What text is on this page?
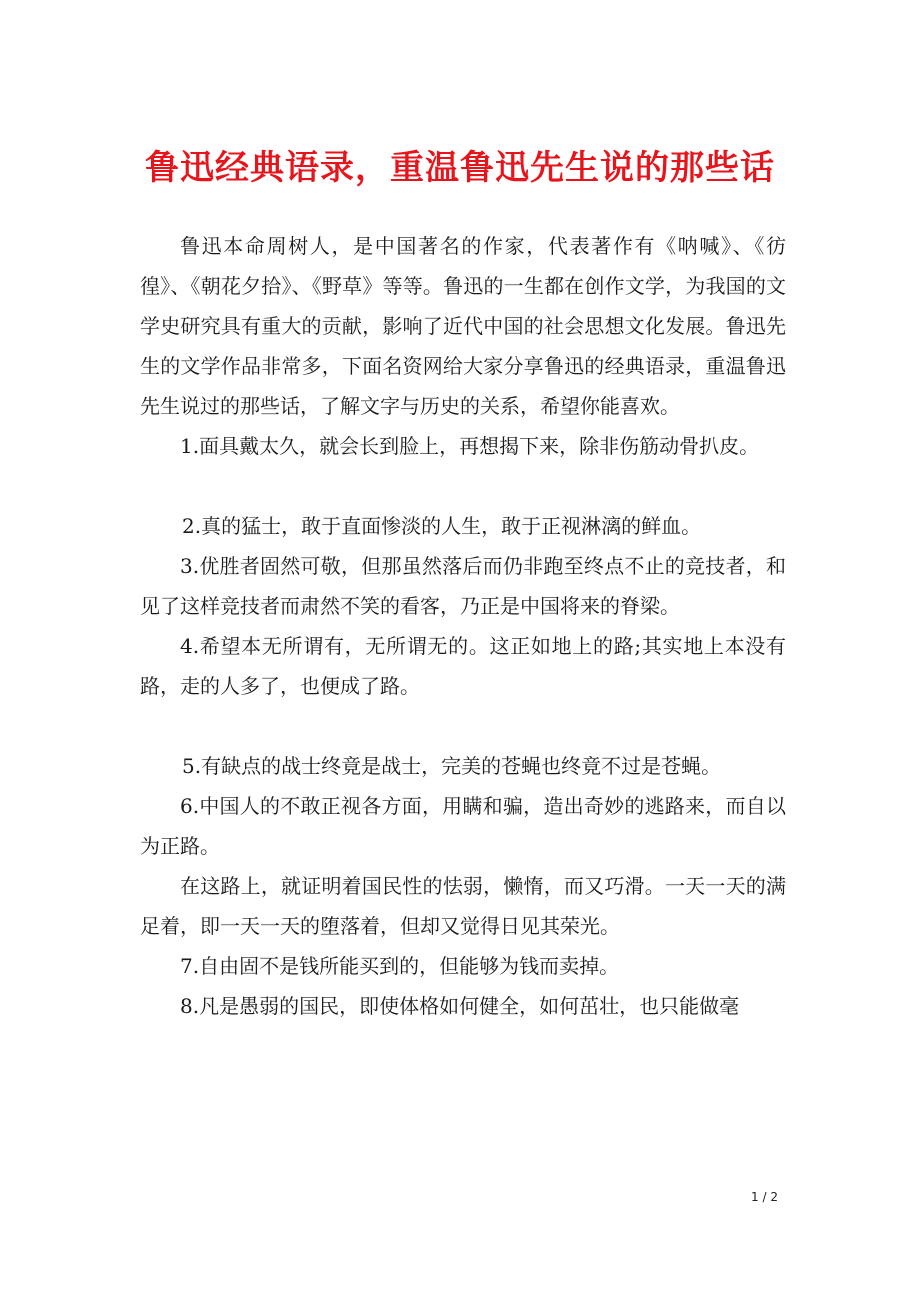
鲁迅经典语录，重温鲁迅先生说的那些话

鲁迅本命周树人，是中国著名的作家，代表著作有《呐喊》、《彷徨》、《朝花夕拾》、《野草》等等。鲁迅的一生都在创作文学，为我国的文学史研究具有重大的贡献，影响了近代中国的社会思想文化发展。鲁迅先生的文学作品非常多，下面名资网给大家分享鲁迅的经典语录，重温鲁迅先生说过的那些话，了解文字与历史的关系，希望你能喜欢。

1.面具戴太久，就会长到脸上，再想揭下来，除非伤筋动骨扒皮。

2.真的猛士，敢于直面惨淡的人生，敢于正视淋漓的鲜血。

3.优胜者固然可敬，但那虽然落后而仍非跑至终点不止的竞技者，和见了这样竞技者而肃然不笑的看客，乃正是中国将来的脊梁。

4.希望本无所谓有，无所谓无的。这正如地上的路;其实地上本没有路，走的人多了，也便成了路。

5.有缺点的战士终竟是战士，完美的苍蝇也终竟不过是苍蝇。

6.中国人的不敢正视各方面，用瞒和骗，造出奇妙的逃路来，而自以为正路。

在这路上，就证明着国民性的怯弱，懒惰，而又巧滑。一天一天的满足着，即一天一天的堕落着，但却又觉得日见其荣光。

7.自由固不是钱所能买到的，但能够为钱而卖掉。

8.凡是愚弱的国民，即使体格如何健全，如何茁壮，也只能做毫

1 / 2
